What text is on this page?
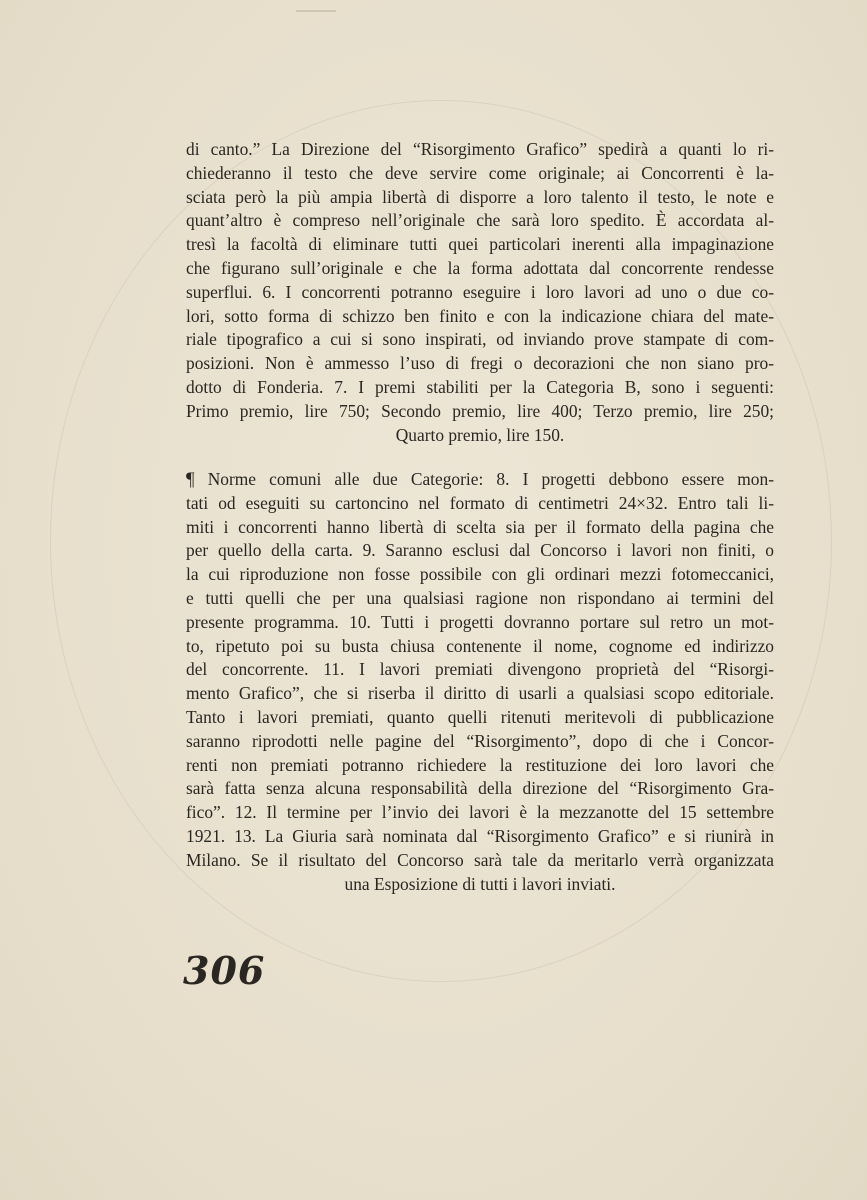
di canto.” La Direzione del “Risorgimento Grafico” spedirà a quanti lo ri-
chiederanno il testo che deve servire come originale; ai Concorrenti è la-
sciata però la più ampia libertà di disporre a loro talento il testo, le note e
quant’altro è compreso nell’originale che sarà loro spedito. È accordata al-
tresì la facoltà di eliminare tutti quei particolari inerenti alla impaginazione
che figurano sull’originale e che la forma adottata dal concorrente rendesse
superflui. 6. I concorrenti potranno eseguire i loro lavori ad uno o due co-
lori, sotto forma di schizzo ben finito e con la indicazione chiara del mate-
riale tipografico a cui si sono inspirati, od inviando prove stampate di com-
posizioni. Non è ammesso l’uso di fregi o decorazioni che non siano pro-
dotto di Fonderia. 7. I premi stabiliti per la Categoria B, sono i seguenti:
Primo premio, lire 750; Secondo premio, lire 400; Terzo premio, lire 250;
Quarto premio, lire 150.
¶ Norme comuni alle due Categorie: 8. I progetti debbono essere mon-
tati od eseguiti su cartoncino nel formato di centimetri 24×32. Entro tali li-
miti i concorrenti hanno libertà di scelta sia per il formato della pagina che
per quello della carta. 9. Saranno esclusi dal Concorso i lavori non finiti, o
la cui riproduzione non fosse possibile con gli ordinari mezzi fotomeccanici,
e tutti quelli che per una qualsiasi ragione non rispondano ai termini del
presente programma. 10. Tutti i progetti dovranno portare sul retro un mot-
to, ripetuto poi su busta chiusa contenente il nome, cognome ed indirizzo
del concorrente. 11. I lavori premiati divengono proprietà del “Risorgi-
mento Grafico”, che si riserba il diritto di usarli a qualsiasi scopo editoriale.
Tanto i lavori premiati, quanto quelli ritenuti meritevoli di pubblicazione
saranno riprodotti nelle pagine del “Risorgimento”, dopo di che i Concor-
renti non premiati potranno richiedere la restituzione dei loro lavori che
sarà fatta senza alcuna responsabilità della direzione del “Risorgimento Gra-
fico”. 12. Il termine per l’invio dei lavori è la mezzanotte del 15 settembre
1921. 13. La Giuria sarà nominata dal “Risorgimento Grafico” e si riunirà in
Milano. Se il risultato del Concorso sarà tale da meritarlo verrà organizzata
una Esposizione di tutti i lavori inviati.
306
